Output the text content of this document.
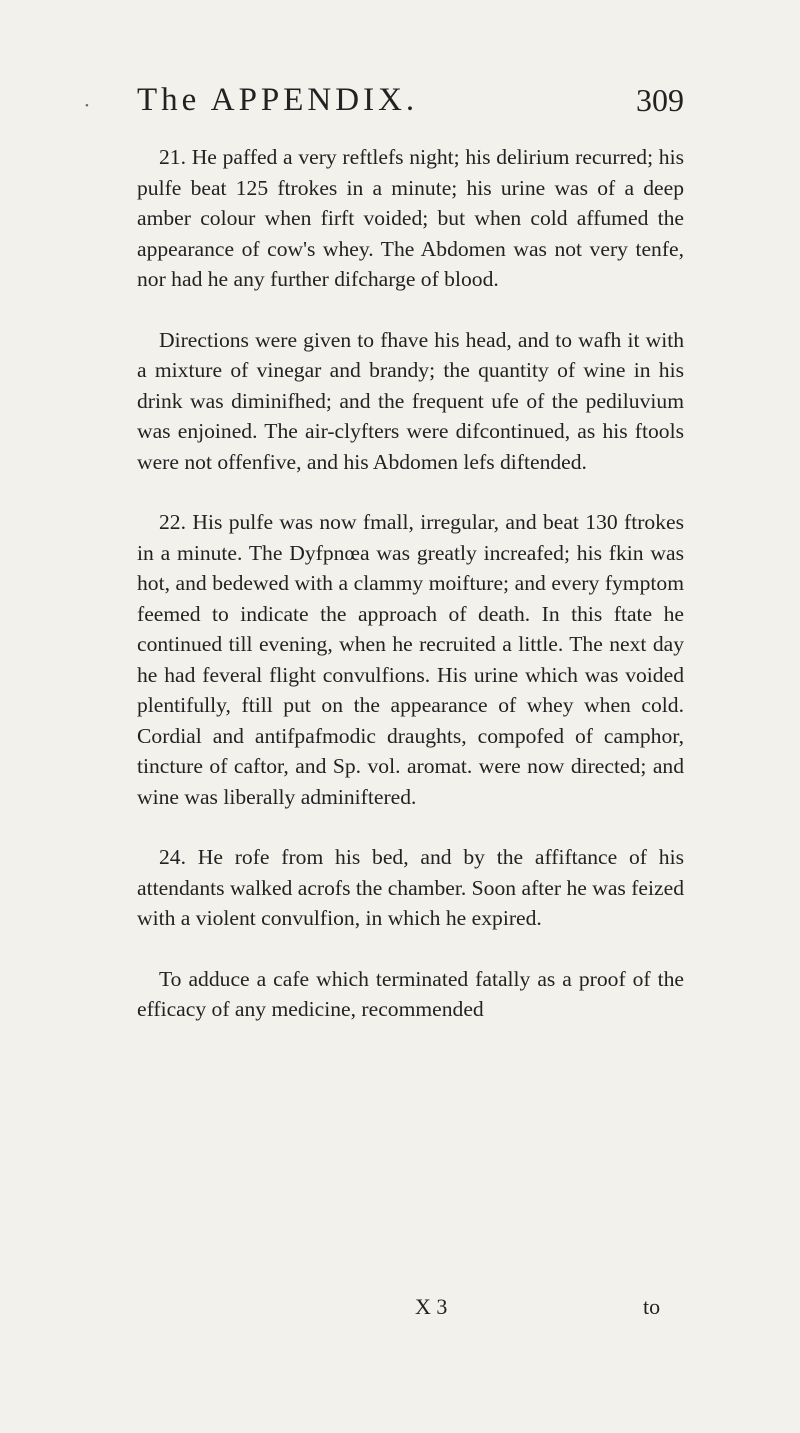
• The APPENDIX.	309

21. He paffed a very reftlefs night; his delirium recurred; his pulfe beat 125 ftrokes in a minute; his urine was of a deep amber colour when firft voided; but when cold affumed the appearance of cow's whey. The Abdomen was not very tenfe, nor had he any further difcharge of blood.

Directions were given to fhave his head, and to wafh it with a mixture of vinegar and brandy; the quantity of wine in his drink was diminifhed; and the frequent ufe of the pediluvium was enjoined. The air-clyfters were difcontinued, as his ftools were not offenfive, and his Abdomen lefs diftended.

22. His pulfe was now fmall, irregular, and beat 130 ftrokes in a minute. The Dyfpnœa was greatly increafed; his fkin was hot, and bedewed with a clammy moifture; and every fymptom feemed to indicate the approach of death. In this ftate he continued till evening, when he recruited a little. The next day he had feveral flight convulfions. His urine which was voided plentifully, ftill put on the appearance of whey when cold. Cordial and antifpafmodic draughts, compofed of camphor, tincture of caftor, and Sp. vol. aromat. were now directed; and wine was liberally adminiftered.

24. He rofe from his bed, and by the affiftance of his attendants walked acrofs the chamber. Soon after he was feized with a violent convulfion, in which he expired.

To adduce a cafe which terminated fatally as a proof of the efficacy of any medicine, recommended

X 3	to
